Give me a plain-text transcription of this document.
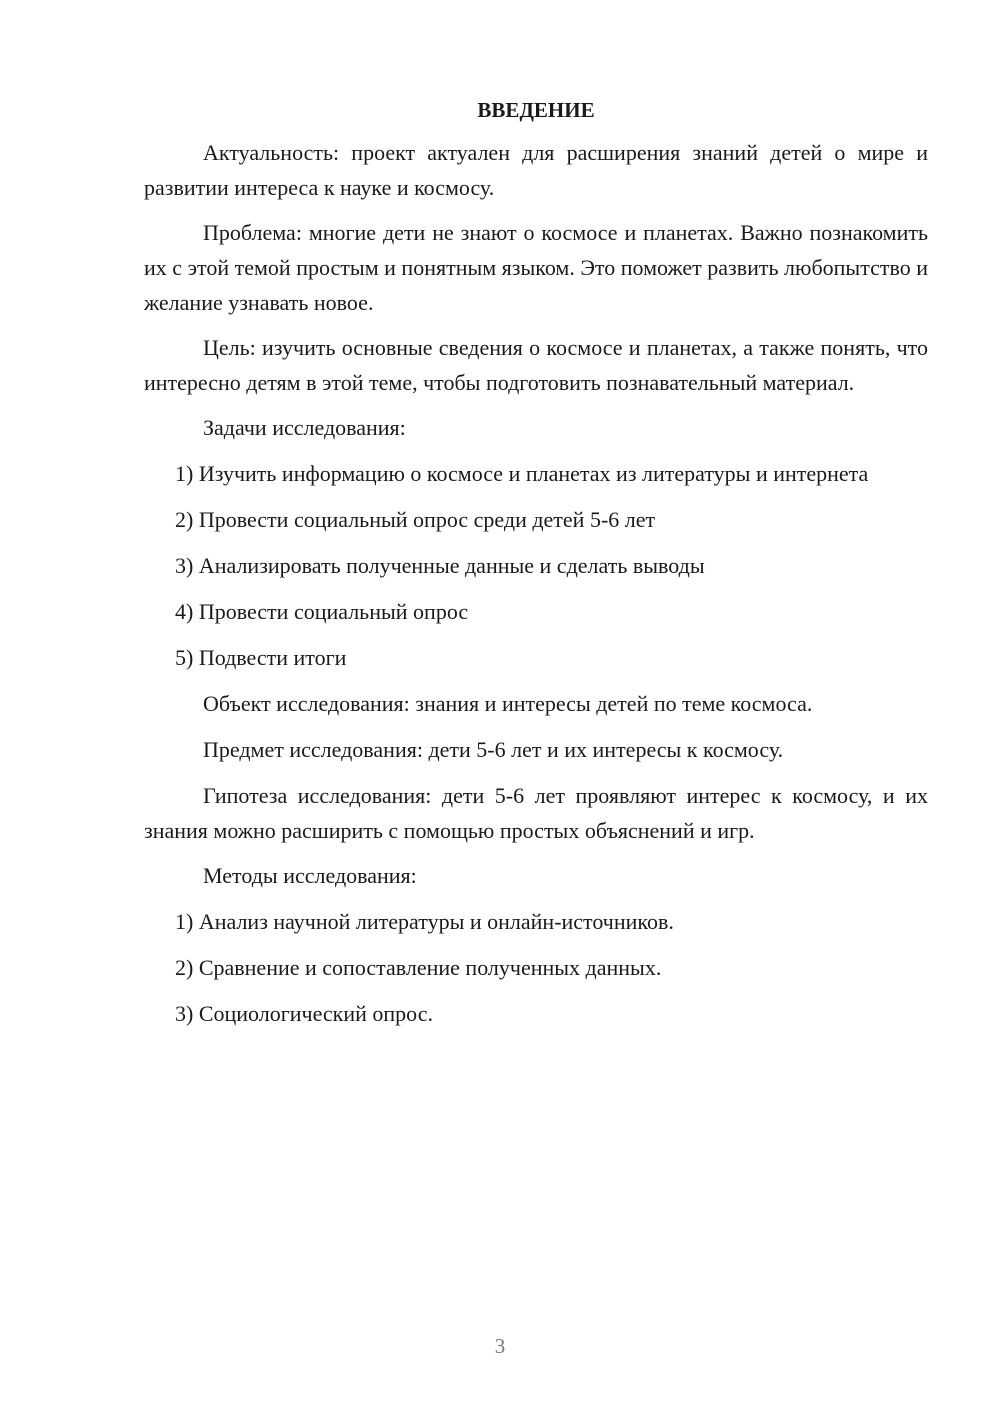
ВВЕДЕНИЕ
Актуальность: проект актуален для расширения знаний детей о мире и развитии интереса к науке и космосу.
Проблема: многие дети не знают о космосе и планетах. Важно познакомить их с этой темой простым и понятным языком. Это поможет развить любопытство и желание узнавать новое.
Цель: изучить основные сведения о космосе и планетах, а также понять, что интересно детям в этой теме, чтобы подготовить познавательный материал.
Задачи исследования:
1) Изучить информацию о космосе и планетах из литературы и интернета
2) Провести социальный опрос среди детей 5-6 лет
3) Анализировать полученные данные и сделать выводы
4) Провести социальный опрос
5) Подвести итоги
Объект исследования: знания и интересы детей по теме космоса.
Предмет исследования: дети 5-6 лет и их интересы к космосу.
Гипотеза исследования: дети 5-6 лет проявляют интерес к космосу, и их знания можно расширить с помощью простых объяснений и игр.
Методы исследования:
1) Анализ научной литературы и онлайн-источников.
2) Сравнение и сопоставление полученных данных.
3) Социологический опрос.
3
